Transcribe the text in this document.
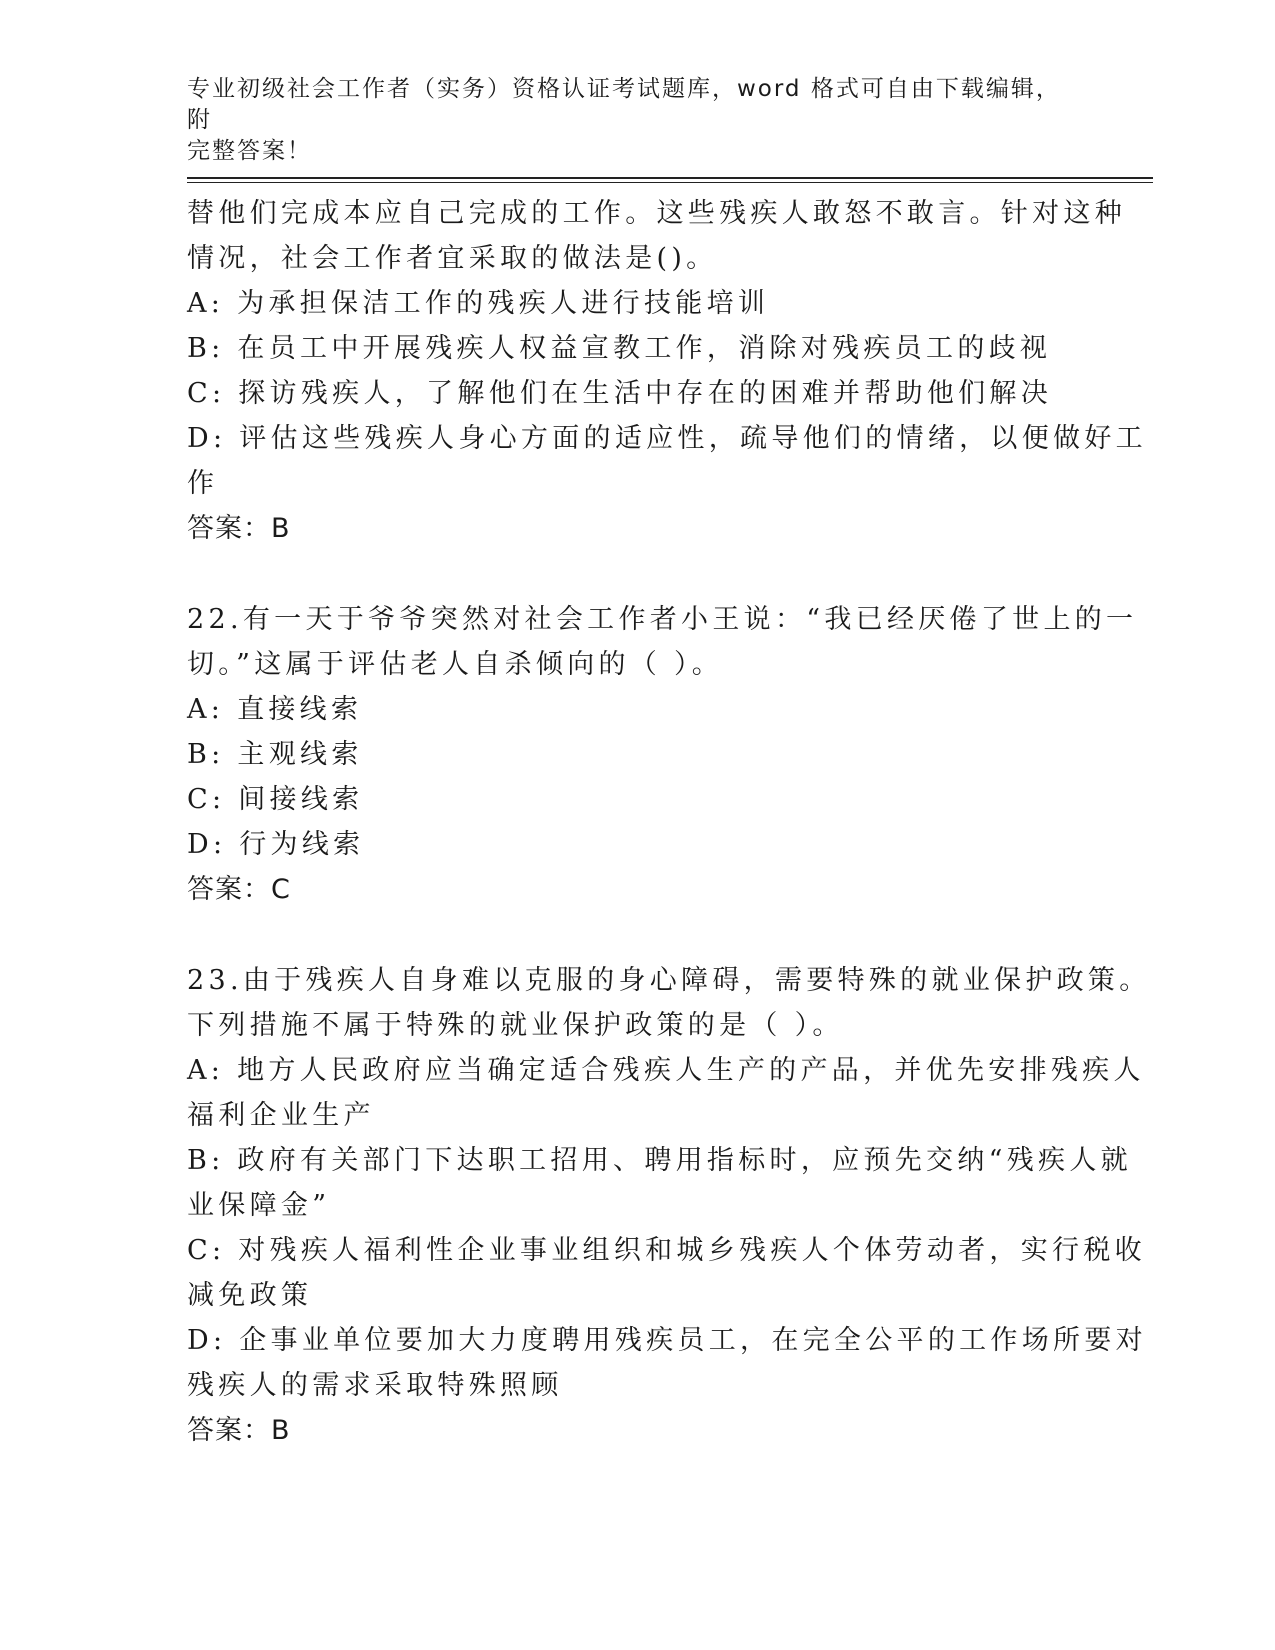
专业初级社会工作者（实务）资格认证考试题库，word 格式可自由下载编辑，附
完整答案！
替他们完成本应自己完成的工作。这些残疾人敢怒不敢言。针对这种
情况，社会工作者宜采取的做法是()。
A: 为承担保洁工作的残疾人进行技能培训
B: 在员工中开展残疾人权益宣教工作，消除对残疾员工的歧视
C: 探访残疾人，了解他们在生活中存在的困难并帮助他们解决
D: 评估这些残疾人身心方面的适应性，疏导他们的情绪，以便做好工
作
答案：B
22.有一天于爷爷突然对社会工作者小王说：“我已经厌倦了世上的一
切。”这属于评估老人自杀倾向的（ ）。
A: 直接线索
B: 主观线索
C: 间接线索
D: 行为线索
答案：C
23.由于残疾人自身难以克服的身心障碍，需要特殊的就业保护政策。
下列措施不属于特殊的就业保护政策的是（ ）。
A: 地方人民政府应当确定适合残疾人生产的产品，并优先安排残疾人
福利企业生产
B: 政府有关部门下达职工招用、聘用指标时，应预先交纳“残疾人就
业保障金”
C: 对残疾人福利性企业事业组织和城乡残疾人个体劳动者，实行税收
减免政策
D: 企事业单位要加大力度聘用残疾员工，在完全公平的工作场所要对
残疾人的需求采取特殊照顾
答案：B
